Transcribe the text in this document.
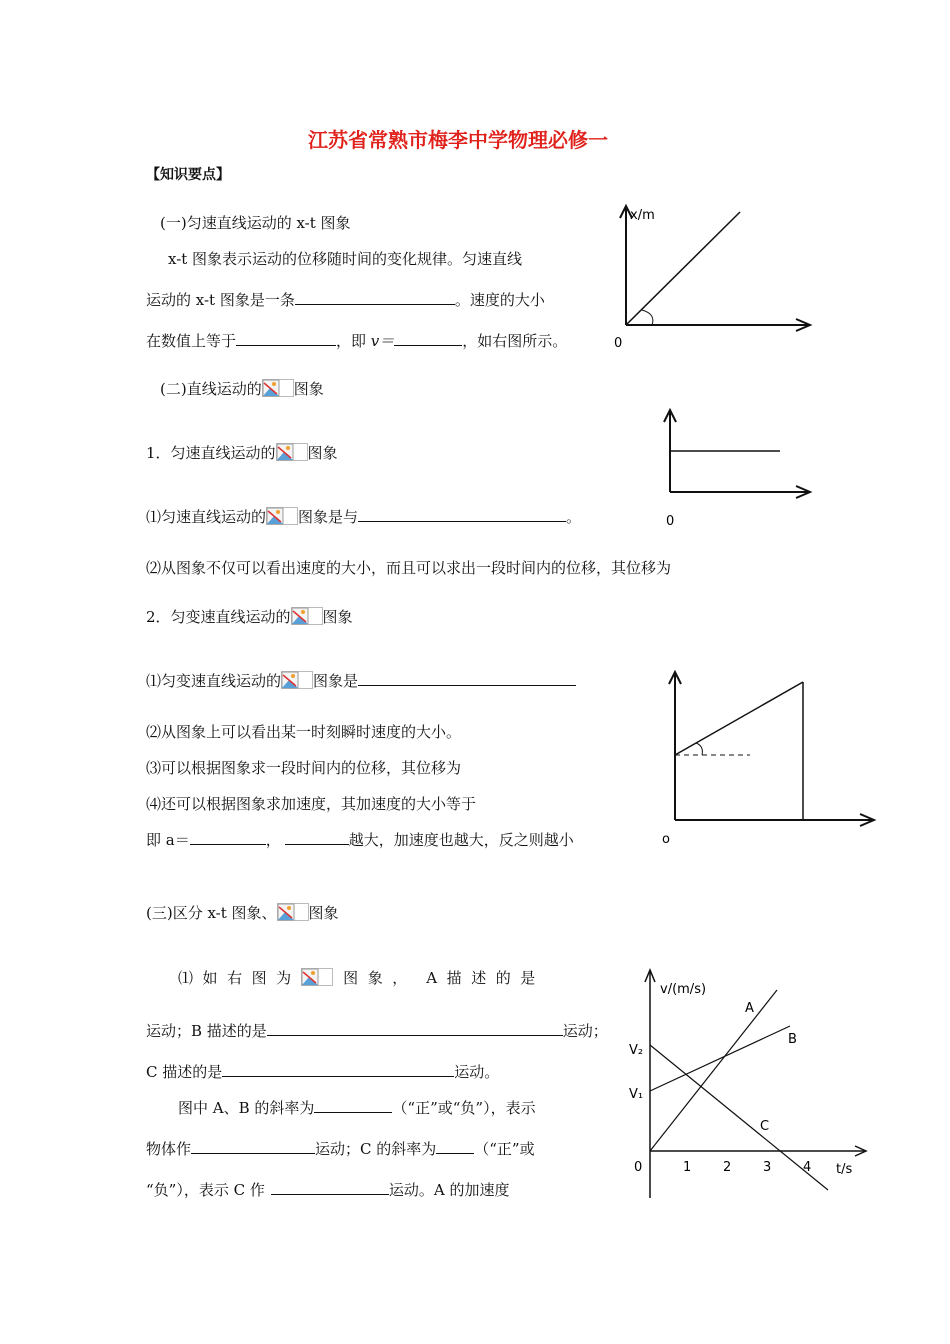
江苏省常熟市梅李中学物理必修一
【知识要点】
(一)匀速直线运动的 x-t 图象
x-t 图象表示运动的位移随时间的变化规律。匀速直线
运动的 x-t 图象是一条	。速度的大小
在数值上等于	，即 v＝	，如右图所示。
x/m
0
(二)直线运动的 图象
1．匀速直线运动的 图象
⑴匀速直线运动的 图象是与	。	0
⑵从图象不仅可以看出速度的大小，而且可以求出一段时间内的位移，其位移为
2．匀变速直线运动的 图象
⑴匀变速直线运动的 图象是
⑵从图象上可以看出某一时刻瞬时速度的大小。
⑶可以根据图象求一段时间内的位移，其位移为
⑷还可以根据图象求加速度，其加速度的大小等于
即 a＝	，	越大，加速度也越大，反之则越小	o
(三)区分 x-t 图象、 图象
⑴  如  右  图  为	图  象  ，    A  描  述  的  是
运动；B 描述的是	运动；
C 描述的是	运动。
图中 A、B 的斜率为	（“正”或“负”），表示
物体作	运动；C 的斜率为	（“正”或
“负”），表示 C 作	运动。A 的加速度
v/(m/s)
t/s
V₂
V₁
A
B
C
0	1 2 3 4
